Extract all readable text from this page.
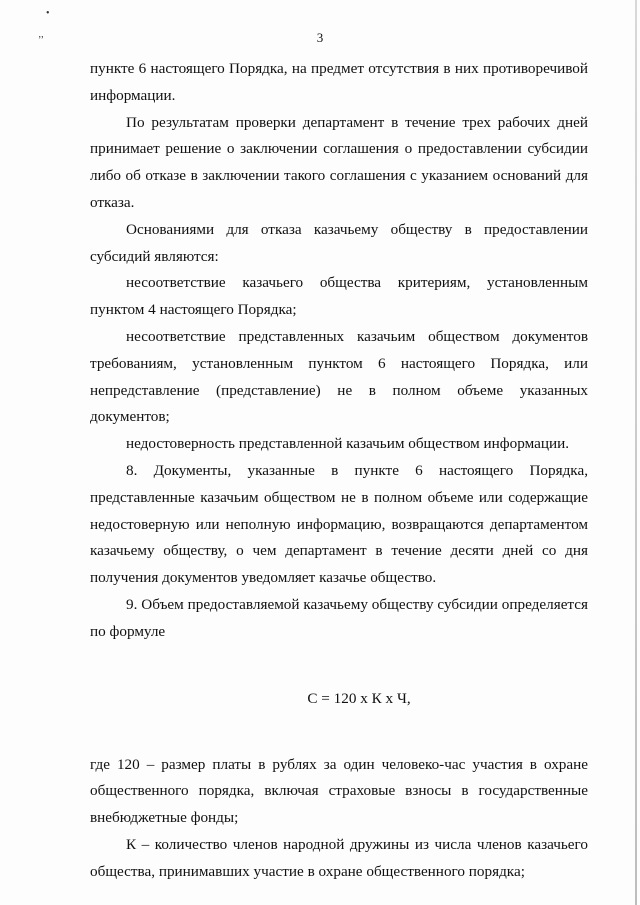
•
’’	3

пункте 6 настоящего Порядка, на предмет отсутствия в них противоречивой информации.

По результатам проверки департамент в течение трех рабочих дней принимает решение о заключении соглашения о предоставлении субсидии либо об отказе в заключении такого соглашения с указанием оснований для отказа.

Основаниями для отказа казачьему обществу в предоставлении субсидий являются:

несоответствие казачьего общества критериям, установленным пунктом 4 настоящего Порядка;

несоответствие представленных казачьим обществом документов требованиям, установленным пунктом 6 настоящего Порядка, или непредставление (представление) не в полном объеме указанных документов;

недостоверность представленной казачьим обществом информации.

8. Документы, указанные в пункте 6 настоящего Порядка, представленные казачьим обществом не в полном объеме или содержащие недостоверную или неполную информацию, возвращаются департаментом казачьему обществу, о чем департамент в течение десяти дней со дня получения документов уведомляет казачье общество.

9. Объем предоставляемой казачьему обществу субсидии определяется по формуле

С = 120 х К х Ч,

где 120 – размер платы в рублях за один человеко-час участия в охране общественного порядка, включая страховые взносы в государственные внебюджетные фонды;

К – количество членов народной дружины из числа членов казачьего общества, принимавших участие в охране общественного порядка;
